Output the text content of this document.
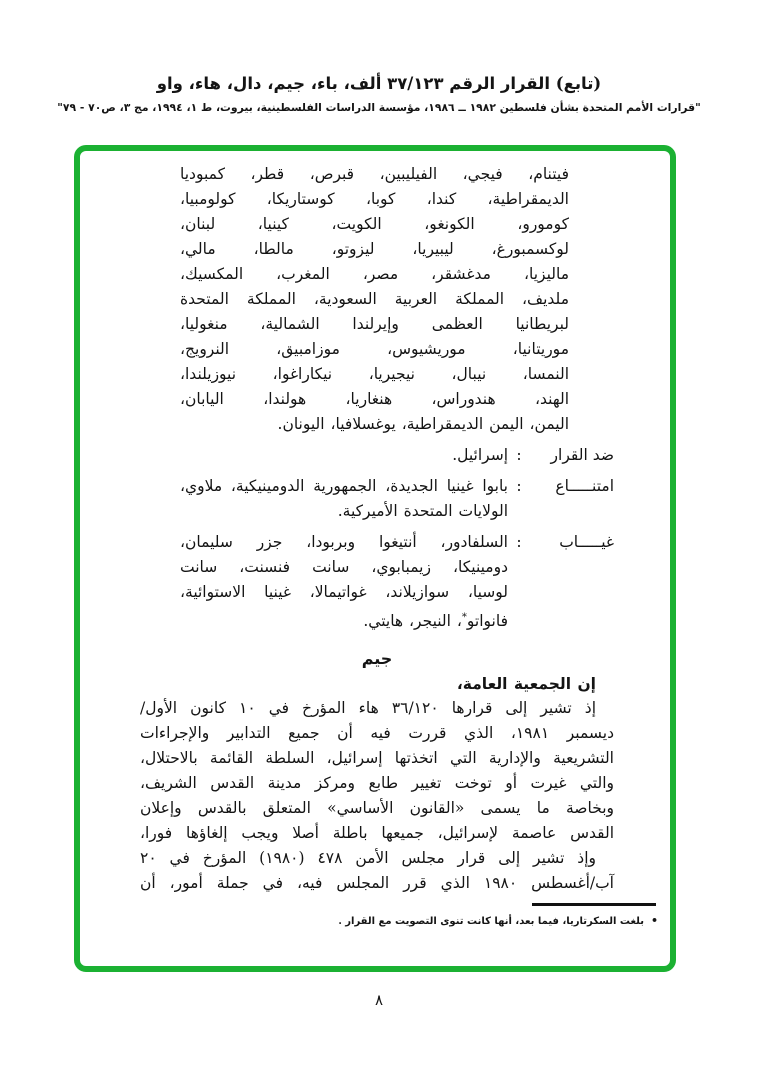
(تابع) القرار الرقم ٣٧/١٢٣ ألف، باء، جيم، دال، هاء، واو
"قرارات الأمم المتحدة بشأن فلسطين ١٩٨٢ ــ ١٩٨٦، مؤسسة الدراسات الفلسطينية، بيروت، ط ١، ١٩٩٤، مج ٣، ص٧٠ - ٧٩"
فيتنام، فيجي، الفيليبين، قبرص، قطر، كمبوديا
الديمقراطية، كندا، كوبا، كوستاريكا، كولومبيا،
كومورو، الكونغو، الكويت، كينيا، لبنان،
لوكسمبورغ، ليبيريا، ليزوتو، مالطا، مالي،
ماليزيا، مدغشقر، مصر، المغرب، المكسيك،
ملديف، المملكة العربية السعودية، المملكة المتحدة
لبريطانيا العظمى وإيرلندا الشمالية، منغوليا،
موريتانيا، موريشيوس، موزامبيق، النرويج،
النمسا، نيبال، نيجيريا، نيكاراغوا، نيوزيلندا،
الهند، هندوراس، هنغاريا، هولندا، اليابان،
اليمن، اليمن الديمقراطية، يوغسلافيا، اليونان.
ضد القرار
:
إسرائيل.
امتنـــــاع
:
بابوا غينيا الجديدة، الجمهورية الدومينيكية، ملاوي،
الولايات المتحدة الأميركية.
غيـــــاب
:
السلفادور، أنتيغوا وبربودا، جزر سليمان،
دومينيكا، زيمبابوي، سانت فنسنت، سانت
لوسيا، سوازيلاند، غواتيمالا، غينيا الاستوائية،
فانواتو*، النيجر، هايتي.
جيم
إن الجمعية العامة،
إذ تشير إلى قرارها ٣٦/١٢٠ هاء المؤرخ في ١٠ كانون الأول/
ديسمبر ١٩٨١، الذي قررت فيه أن جميع التدابير والإجراءات
التشريعية والإدارية التي اتخذتها إسرائيل، السلطة القائمة بالاحتلال،
والتي غيرت أو توخت تغيير طابع ومركز مدينة القدس الشريف،
وبخاصة ما يسمى «القانون الأساسي» المتعلق بالقدس وإعلان
القدس عاصمة لإسرائيل، جميعها باطلة أصلا ويجب إلغاؤها فورا،
وإذ تشير إلى قرار مجلس الأمن ٤٧٨ (١٩٨٠) المؤرخ في ٢٠
آب/أغسطس ١٩٨٠ الذي قرر المجلس فيه، في جملة أمور، أن
•بلغت السكرتاريا، فيما بعد، أنها كانت تنوى التصويت مع القرار .
٨
